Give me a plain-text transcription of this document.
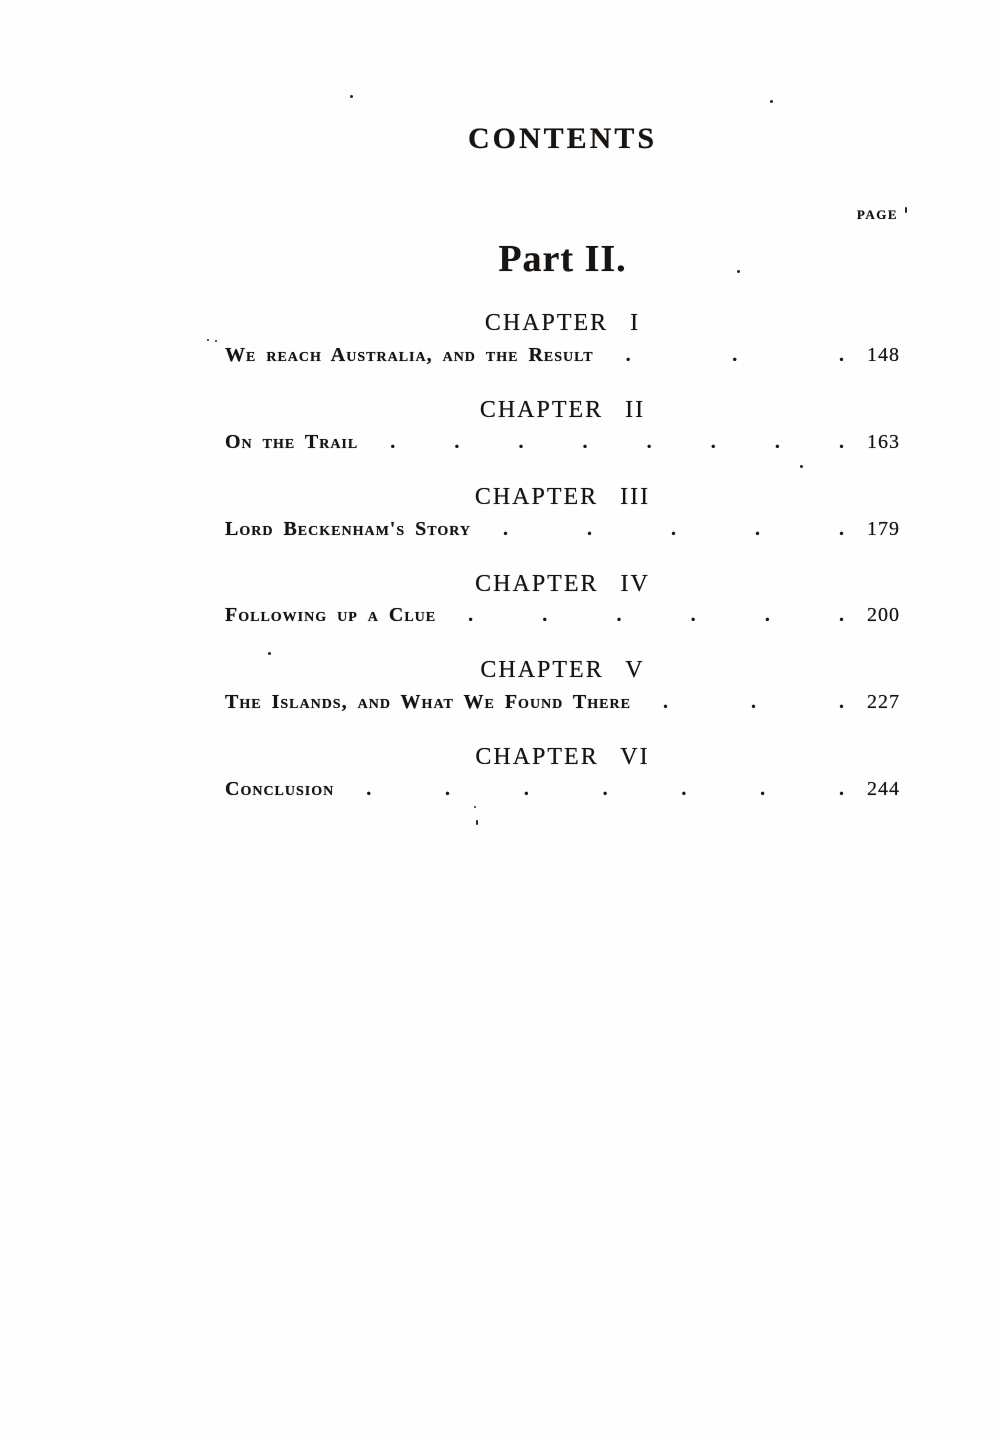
CONTENTS
PAGE
Part II.
CHAPTER I
We reach Australia, and the Result .	.	.	148
CHAPTER II
On the Trail .	.	.	.	.	.	.	.	163
CHAPTER III
Lord Beckenham's Story .	.	.	.	.	179
CHAPTER IV
Following up a Clue .	.	.	.	.	.	200
CHAPTER V
The Islands, and What We Found There .	.	.	227
CHAPTER VI
Conclusion .	.	.	.	.	.	.	244
